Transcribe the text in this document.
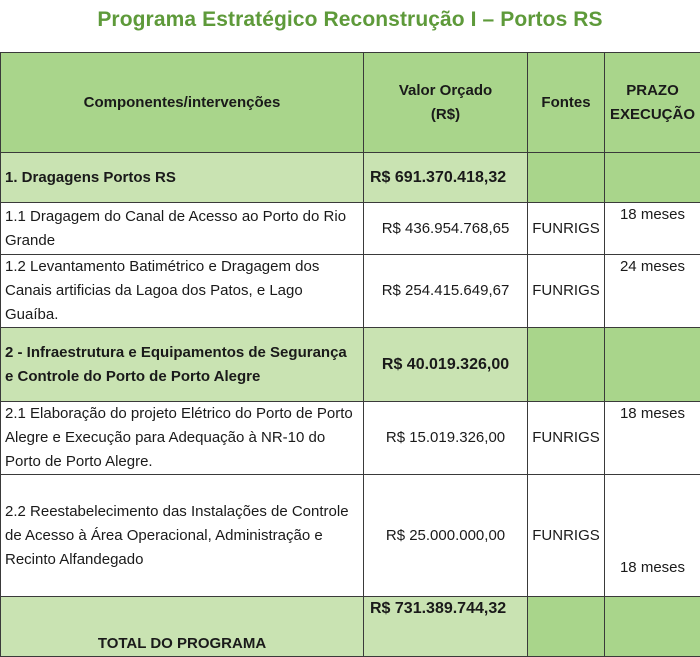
Programa Estratégico Reconstrução I – Portos RS
Componentes/intervenções	Valor Orçado (R$)	Fontes	PRAZO EXECUÇÃO
1. Dragagens Portos RS	R$ 691.370.418,32		
1.1 Dragagem do Canal de Acesso ao Porto do Rio Grande	R$ 436.954.768,65	FUNRIGS	18 meses
1.2 Levantamento Batimétrico e Dragagem dos Canais artificias da Lagoa dos Patos, e Lago Guaíba.	R$ 254.415.649,67	FUNRIGS	24 meses
2 - Infraestrutura e Equipamentos de Segurança e Controle do Porto de Porto Alegre	R$ 40.019.326,00		
2.1 Elaboração do projeto Elétrico do Porto de Porto Alegre e Execução para Adequação à NR-10 do Porto de Porto Alegre.	R$ 15.019.326,00	FUNRIGS	18 meses
2.2 Reestabelecimento das Instalações de Controle de Acesso à Área Operacional, Administração e Recinto Alfandegado	R$ 25.000.000,00	FUNRIGS	18 meses
TOTAL DO PROGRAMA	R$ 731.389.744,32		
